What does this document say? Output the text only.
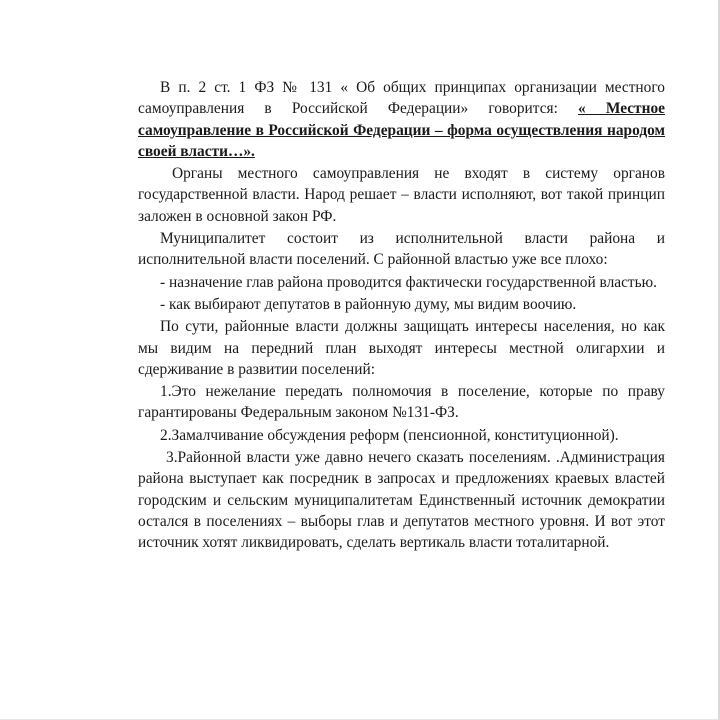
В п. 2 ст. 1 ФЗ № 131 « Об общих принципах организации местного самоуправления в Российской Федерации» говорится: « Местное самоуправление в Российской Федерации – форма осуществления народом своей власти…».

Органы местного самоуправления не входят в систему органов государственной власти. Народ решает – власти исполняют, вот такой принцип заложен в основной закон РФ.

Муниципалитет состоит из исполнительной власти района и исполнительной власти поселений. С районной властью уже все плохо:

- назначение глав района проводится фактически государственной властью.

- как выбирают депутатов в районную думу, мы видим воочию.

По сути, районные власти должны защищать интересы населения, но как мы видим на передний план выходят интересы местной олигархии и сдерживание в развитии поселений:

1.Это нежелание передать полномочия в поселение, которые по праву гарантированы Федеральным законом №131-ФЗ.

2.Замалчивание обсуждения реформ (пенсионной, конституционной).

3.Районной власти уже давно нечего сказать поселениям. .Администрация района выступает как посредник в запросах и предложениях краевых властей городским и сельским муниципалитетам Единственный источник демократии остался в поселениях – выборы глав и депутатов местного уровня. И вот этот источник хотят ликвидировать, сделать вертикаль власти тоталитарной.
